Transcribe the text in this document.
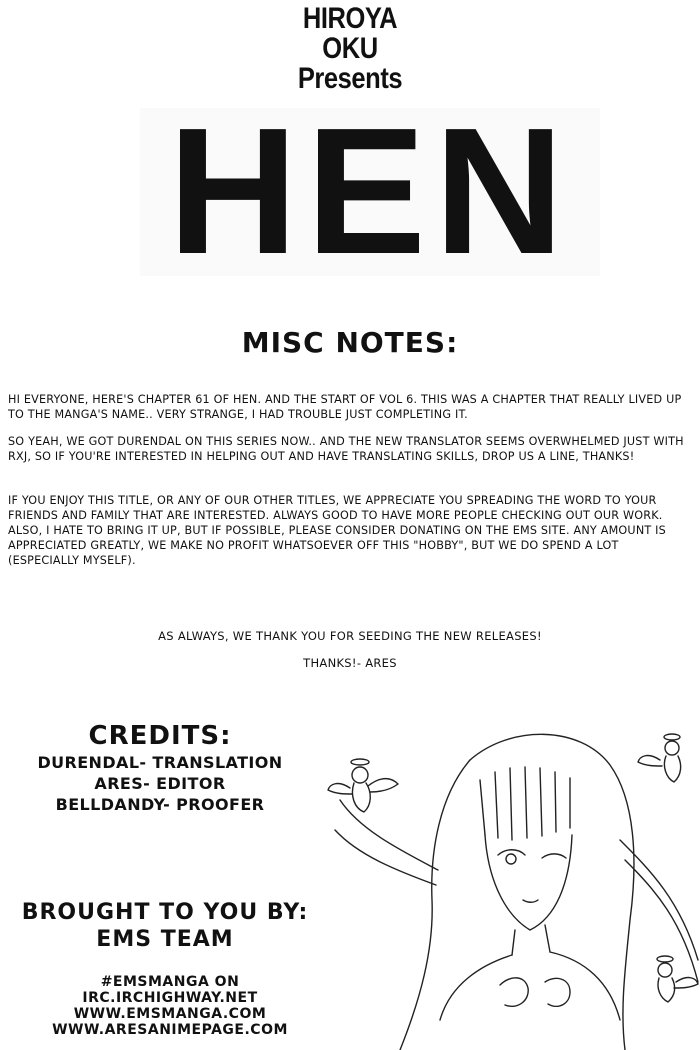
HIROYA
OKU
Presents
HEN
MISC NOTES:
HI EVERYONE, HERE'S CHAPTER 61 OF HEN. AND THE START OF VOL 6. THIS WAS A CHAPTER THAT REALLY LIVED UP TO THE MANGA'S NAME.. VERY STRANGE, I HAD TROUBLE JUST COMPLETING IT.
SO YEAH, WE GOT DURENDAL ON THIS SERIES NOW.. AND THE NEW TRANSLATOR SEEMS OVERWHELMED JUST WITH RXJ, SO IF YOU'RE INTERESTED IN HELPING OUT AND HAVE TRANSLATING SKILLS, DROP US A LINE, THANKS!
IF YOU ENJOY THIS TITLE, OR ANY OF OUR OTHER TITLES, WE APPRECIATE YOU SPREADING THE WORD TO YOUR FRIENDS AND FAMILY THAT ARE INTERESTED. ALWAYS GOOD TO HAVE MORE PEOPLE CHECKING OUT OUR WORK. ALSO, I HATE TO BRING IT UP, BUT IF POSSIBLE, PLEASE CONSIDER DONATING ON THE EMS SITE. ANY AMOUNT IS APPRECIATED GREATLY, WE MAKE NO PROFIT WHATSOEVER OFF THIS "HOBBY", BUT WE DO SPEND A LOT (ESPECIALLY MYSELF).
AS ALWAYS, WE THANK YOU FOR SEEDING THE NEW RELEASES!
THANKS!- ARES
CREDITS:
DURENDAL- TRANSLATION
ARES- EDITOR
BELLDANDY- PROOFER
BROUGHT TO YOU BY:
EMS TEAM
#EMSMANGA ON
IRC.IRCHIGHWAY.NET
WWW.EMSMANGA.COM
WWW.ARESANIMEPAGE.COM
